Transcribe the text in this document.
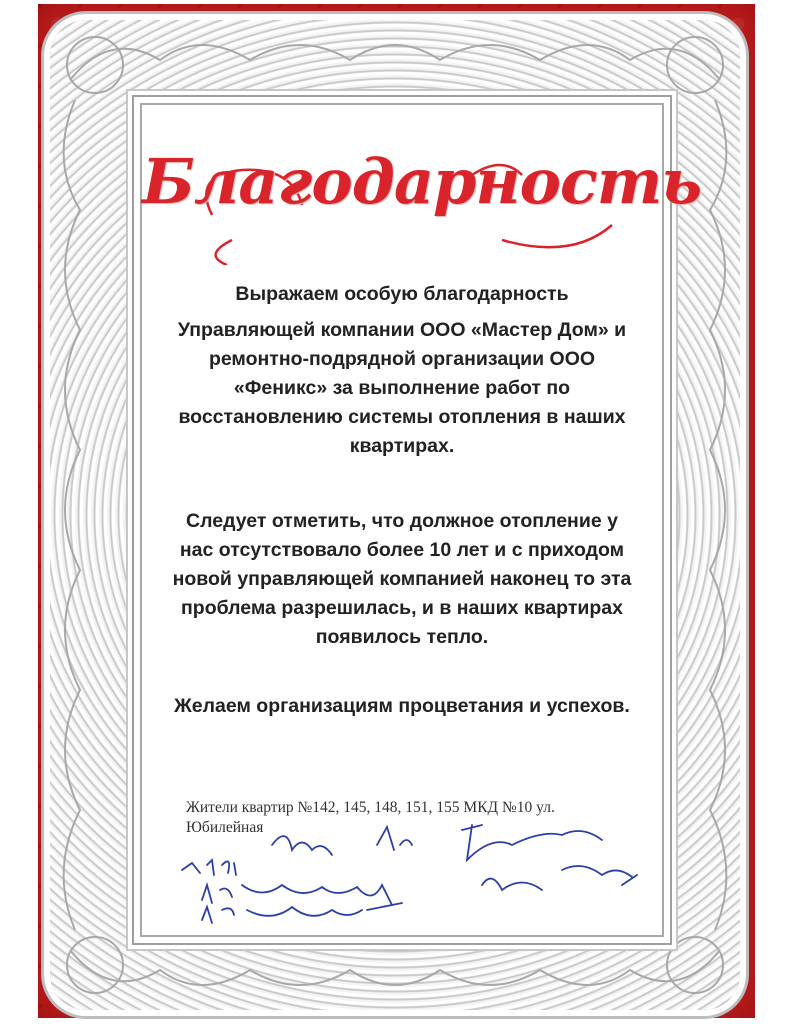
Благодарность
Выражаем особую благодарность
Управляющей компании ООО «Мастер Дом» и ремонтно-подрядной организации ООО «Феникс» за выполнение работ по восстановлению системы отопления в наших квартирах.
Следует отметить, что должное отопление у нас отсутствовало более 10 лет и с приходом новой управляющей компанией наконец то эта проблема разрешилась, и в наших квартирах появилось тепло.
Желаем организациям процветания и успехов.
Жители квартир №142, 145, 148, 151, 155 МКД №10 ул. Юбилейная
